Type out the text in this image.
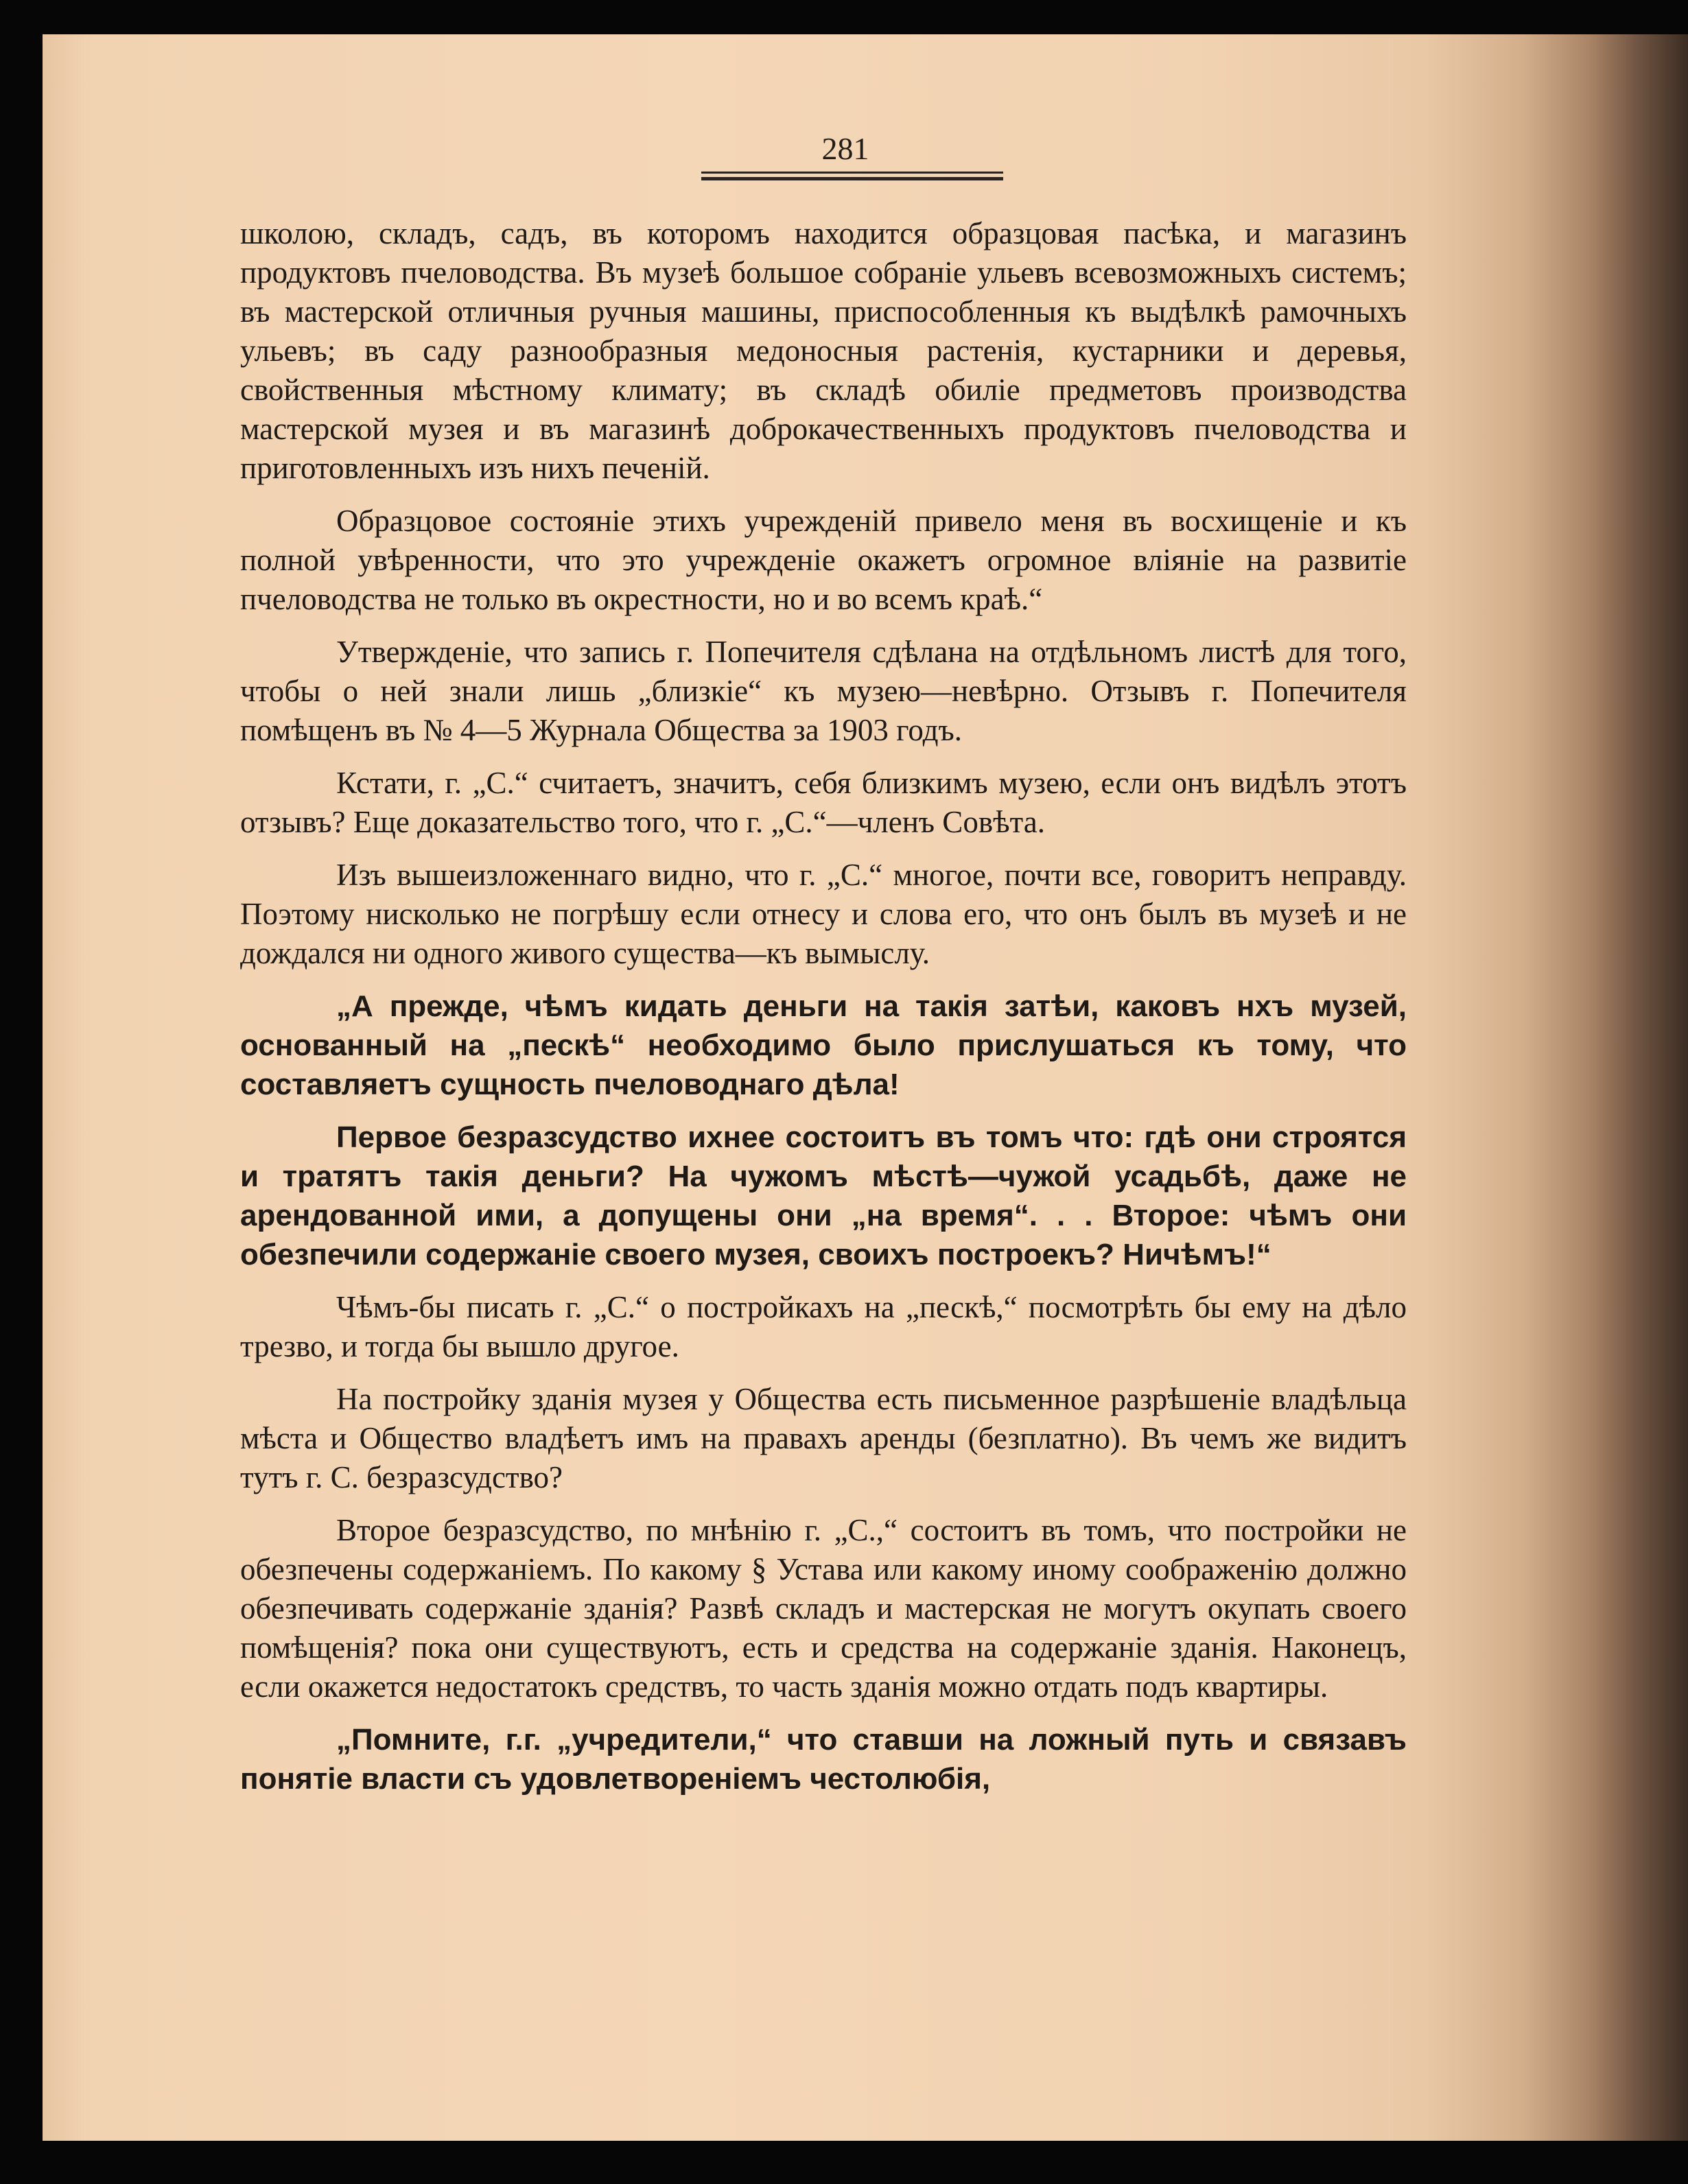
281

школою, складъ, садъ, въ которомъ находится образцовая пасѣка, и магазинъ продуктовъ пчеловодства. Въ музеѣ большое собраніе ульевъ всевозможныхъ системъ; въ мастерской отличныя ручныя машины, приспособленныя къ выдѣлкѣ рамочныхъ ульевъ; въ саду разнообразныя медоносныя растенія, кустарники и деревья, свойственныя мѣстному климату; въ складѣ обиліе предметовъ производства мастерской музея и въ магазинѣ доброкачественныхъ продуктовъ пчеловодства и приготовленныхъ изъ нихъ печеній.

Образцовое состояніе этихъ учрежденій привело меня въ восхищеніе и къ полной увѣренности, что это учрежденіе окажетъ огромное вліяніе на развитіе пчеловодства не только въ окрестности, но и во всемъ краѣ.“

Утвержденіе, что запись г. Попечителя сдѣлана на отдѣльномъ листѣ для того, чтобы о ней знали лишь „близкіе“ къ музею—невѣрно. Отзывъ г. Попечителя помѣщенъ въ № 4—5 Журнала Общества за 1903 годъ.

Кстати, г. „С.“ считаетъ, значитъ, себя близкимъ музею, если онъ видѣлъ этотъ отзывъ? Еще доказательство того, что г. „С.“—членъ Совѣта.

Изъ вышеизложеннаго видно, что г. „С.“ многое, почти все, говоритъ неправду. Поэтому нисколько не погрѣшу если отнесу и слова его, что онъ былъ въ музеѣ и не дождался ни одного живого существа—къ вымыслу.

„А прежде, чѣмъ кидать деньги на такія затѣи, каковъ нхъ музей, основанный на „пескѣ“ необходимо было прислушаться къ тому, что составляетъ сущность пчеловоднаго дѣла!

Первое безразсудство ихнее состоитъ въ томъ что: гдѣ они строятся и тратятъ такія деньги? На чужомъ мѣстѣ—чужой усадьбѣ, даже не арендованной ими, а допущены они „на время“. . . Второе: чѣмъ они обезпечили содержаніе своего музея, своихъ построекъ? Ничѣмъ!“

Чѣмъ-бы писать г. „С.“ о постройкахъ на „пескѣ,“ посмотрѣть бы ему на дѣло трезво, и тогда бы вышло другое.

На постройку зданія музея у Общества есть письменное разрѣшеніе владѣльца мѣста и Общество владѣетъ имъ на правахъ аренды (безплатно). Въ чемъ же видитъ тутъ г. С. безразсудство?

Второе безразсудство, по мнѣнію г. „С.,“ состоитъ въ томъ, что постройки не обезпечены содержаніемъ. По какому § Устава или какому иному соображенію должно обезпечивать содержаніе зданія? Развѣ складъ и мастерская не могутъ окупать своего помѣщенія? пока они существуютъ, есть и средства на содержаніе зданія. Наконецъ, если окажется недостатокъ средствъ, то часть зданія можно отдать подъ квартиры.

„Помните, г.г. „учредители,“ что ставши на ложный путь и связавъ понятіе власти съ удовлетвореніемъ честолюбія,
